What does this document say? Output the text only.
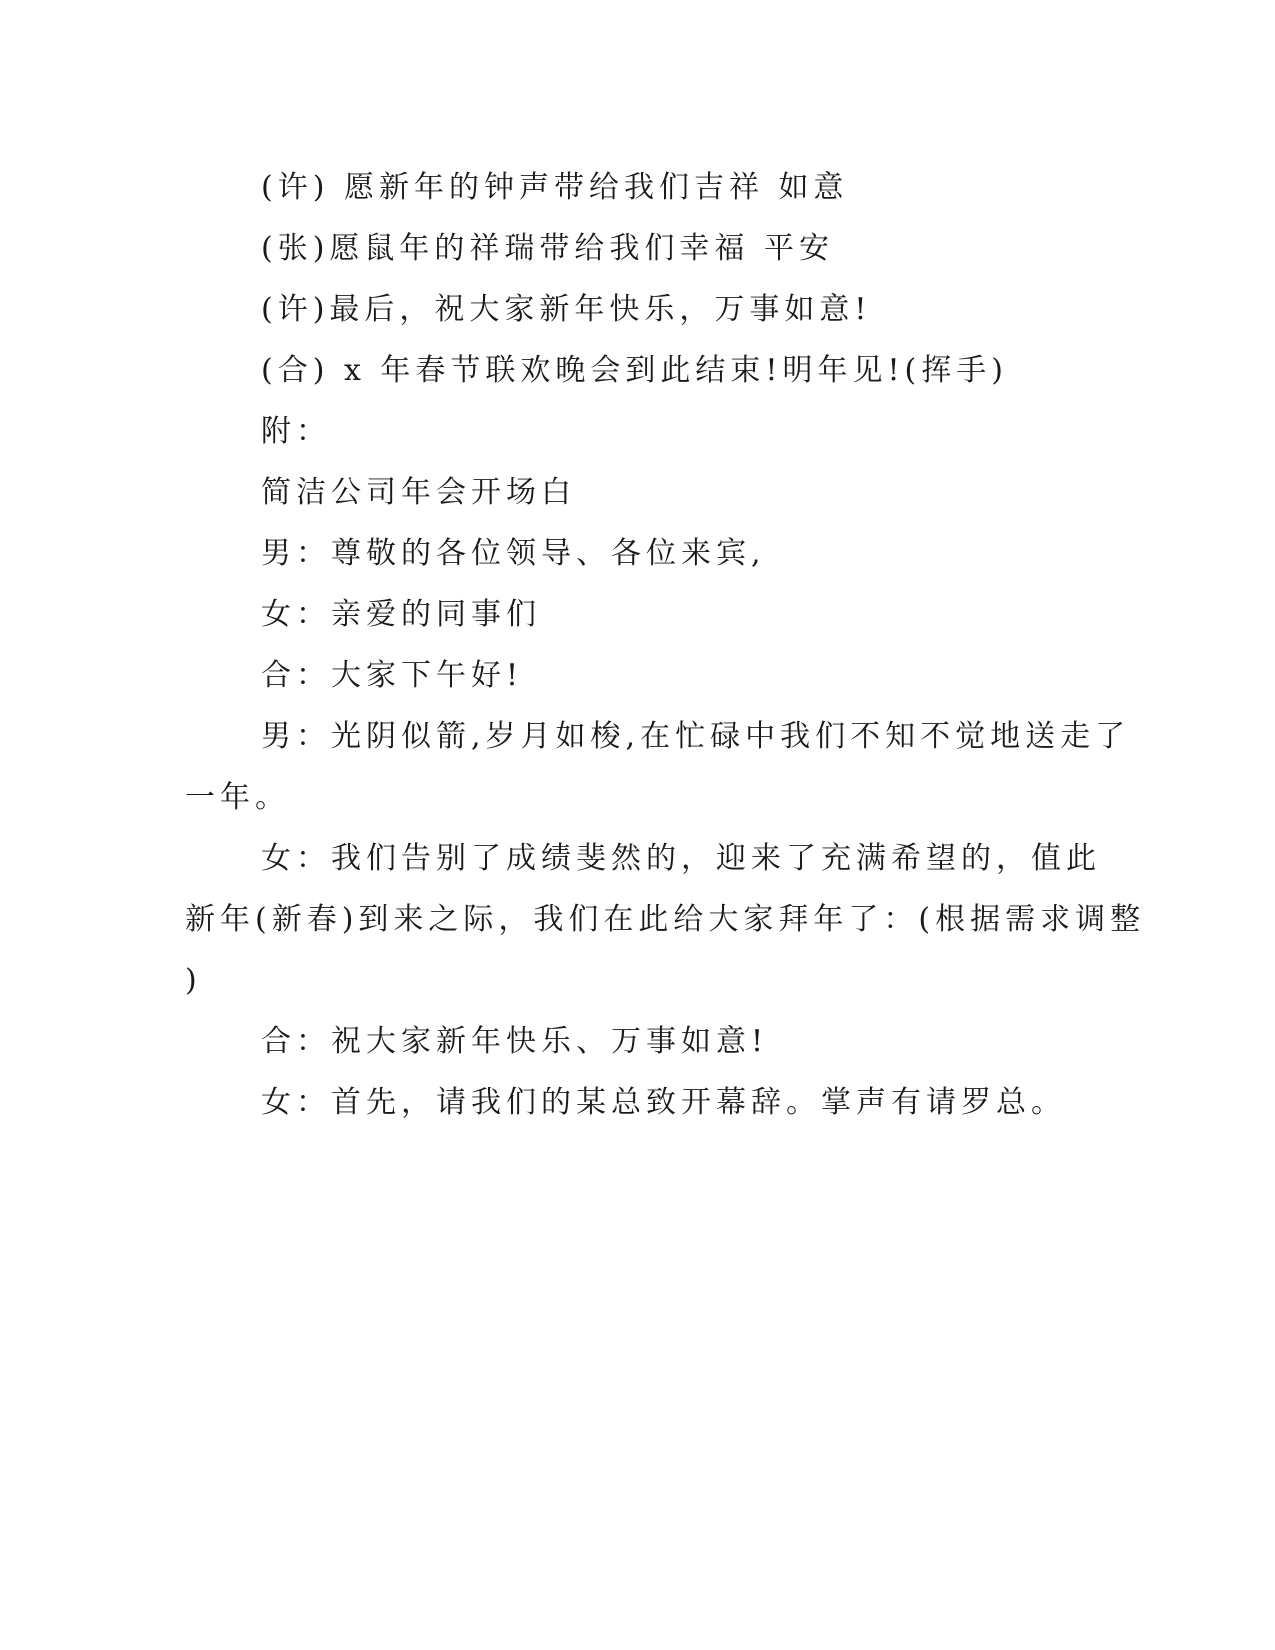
(许) 愿新年的钟声带给我们吉祥 如意
(张)愿鼠年的祥瑞带给我们幸福 平安
(许)最后，祝大家新年快乐，万事如意!
(合) x 年春节联欢晚会到此结束!明年见!(挥手)
附：
简洁公司年会开场白
男：尊敬的各位领导、各位来宾,
女：亲爱的同事们
合：大家下午好!
男：光阴似箭,岁月如梭,在忙碌中我们不知不觉地送走了
一年。
女：我们告别了成绩斐然的，迎来了充满希望的，值此
新年(新春)到来之际，我们在此给大家拜年了：(根据需求调整
)
合：祝大家新年快乐、万事如意!
女：首先，请我们的某总致开幕辞。掌声有请罗总。
